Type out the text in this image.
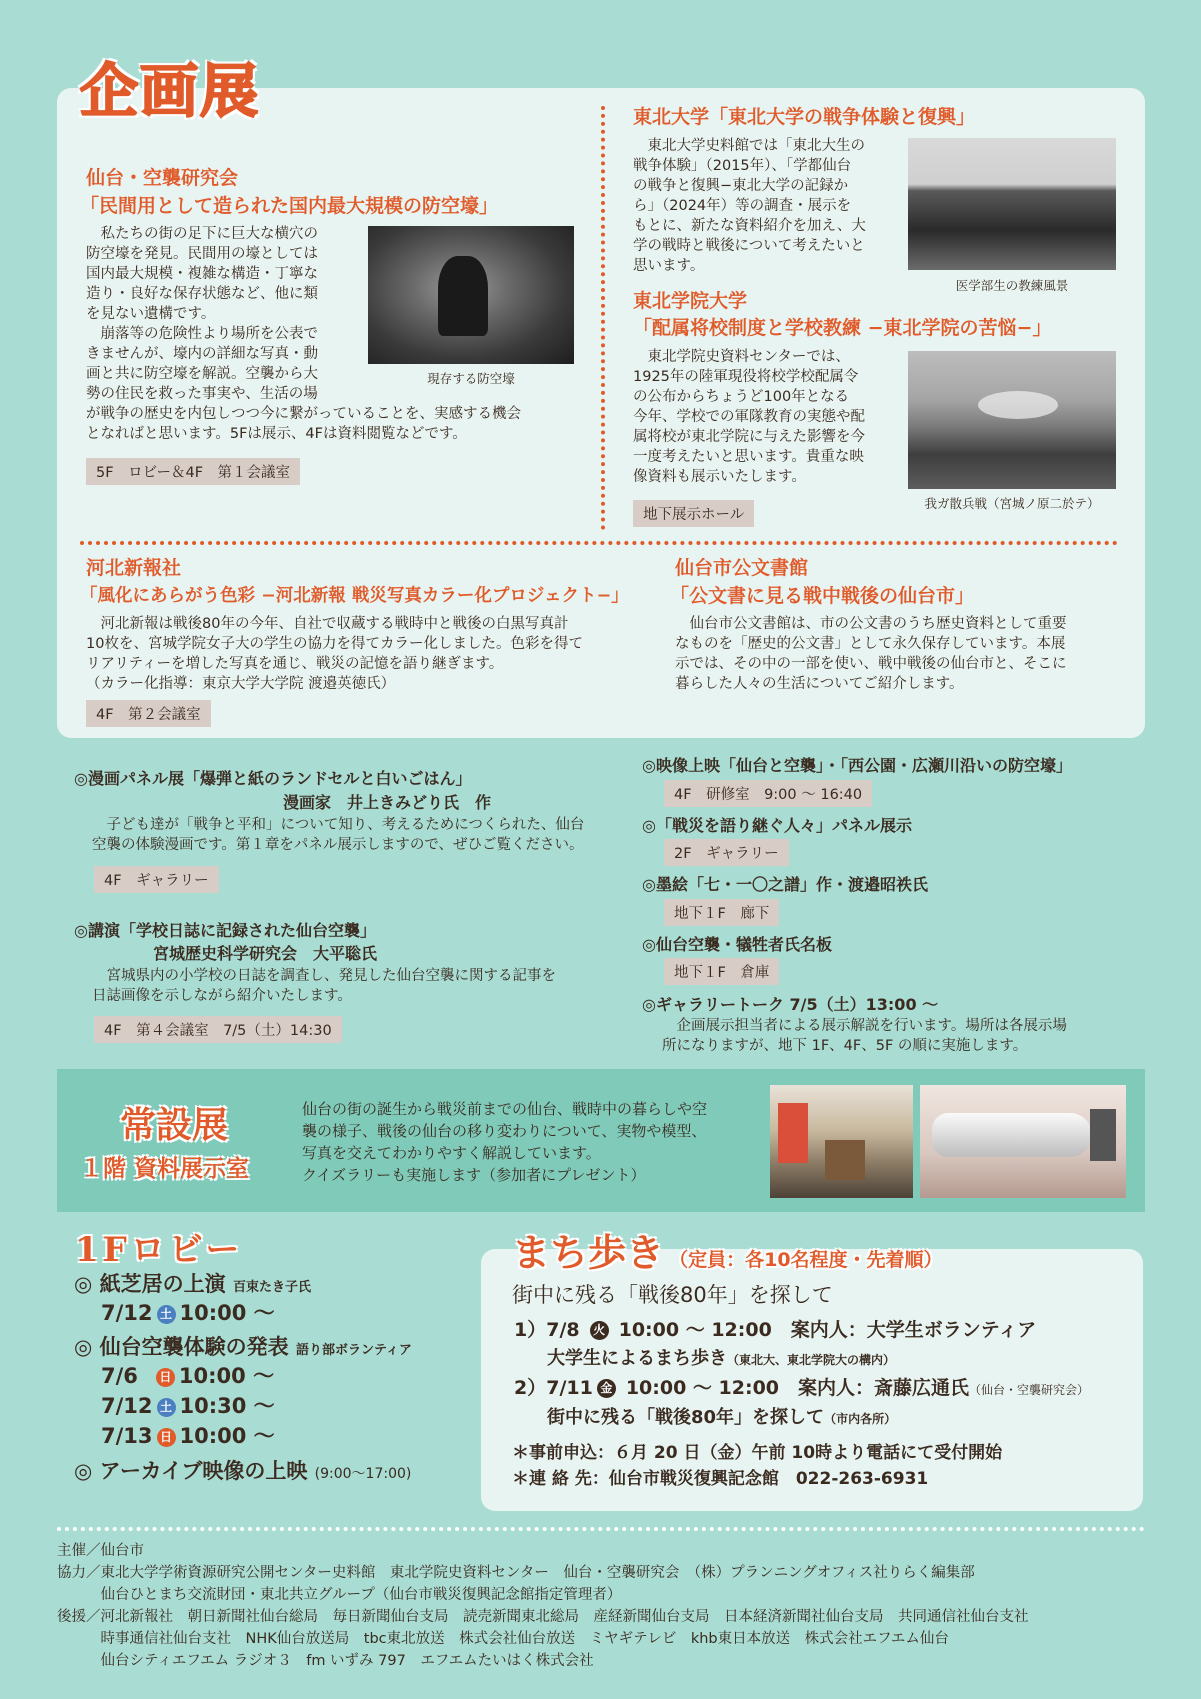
企画展
仙台・空襲研究会
「民間用として造られた国内最大規模の防空壕」
　私たちの街の足下に巨大な横穴の
防空壕を発見。民間用の壕としては
国内最大規模・複雑な構造・丁寧な
造り・良好な保存状態など、他に類
を見ない遺構です。
　崩落等の危険性より場所を公表で
きませんが、壕内の詳細な写真・動
画と共に防空壕を解説。空襲から大
勢の住民を救った事実や、生活の場
が戦争の歴史を内包しつつ今に繋がっていることを、実感する機会
となればと思います。5Fは展示、4Fは資料閲覧などです。
現存する防空壕
5F　ロビー＆4F　第１会議室
東北大学「東北大学の戦争体験と復興」
　東北大学史料館では「東北大生の
戦争体験」（2015年）、「学都仙台
の戦争と復興−東北大学の記録か
ら」（2024年）等の調査・展示を
もとに、新たな資料紹介を加え、大
学の戦時と戦後について考えたいと
思います。
医学部生の教練風景
東北学院大学
「配属将校制度と学校教練 −東北学院の苦悩−」
　東北学院史資料センターでは、
1925年の陸軍現役将校学校配属令
の公布からちょうど100年となる
今年、学校での軍隊教育の実態や配
属将校が東北学院に与えた影響を今
一度考えたいと思います。貴重な映
像資料も展示いたします。
我ガ散兵戦（宮城ノ原二於テ）
地下展示ホール
河北新報社
「風化にあらがう色彩 −河北新報 戦災写真カラー化プロジェクト−」
　河北新報は戦後80年の今年、自社で収蔵する戦時中と戦後の白黒写真計
10枚を、宮城学院女子大の学生の協力を得てカラー化しました。色彩を得て
リアリティーを増した写真を通じ、戦災の記憶を語り継ぎます。
（カラー化指導：東京大学大学院 渡邉英徳氏）
4F　第２会議室
仙台市公文書館
「公文書に見る戦中戦後の仙台市」
　仙台市公文書館は、市の公文書のうち歴史資料として重要
なものを「歴史的公文書」として永久保存しています。本展
示では、その中の一部を使い、戦中戦後の仙台市と、そこに
暮らした人々の生活についてご紹介します。
◎漫画パネル展「爆弾と紙のランドセルと白いごはん」
漫画家　井上きみどり氏　作
　子ども達が「戦争と平和」について知り、考えるためにつくられた、仙台
空襲の体験漫画です。第１章をパネル展示しますので、ぜひご覧ください。
4F　ギャラリー
◎講演「学校日誌に記録された仙台空襲」
宮城歴史科学研究会　大平聡氏
　宮城県内の小学校の日誌を調査し、発見した仙台空襲に関する記事を
日誌画像を示しながら紹介いたします。
4F　第４会議室　7/5（土）14:30
◎映像上映「仙台と空襲」・「西公園・広瀬川沿いの防空壕」
4F　研修室　9:00 ～ 16:40
◎「戦災を語り継ぐ人々」パネル展示
2F　ギャラリー
◎墨絵「七・一〇之譜」作・渡邉昭祑氏
地下１F　廊下
◎仙台空襲・犠牲者氏名板
地下１F　倉庫
◎ギャラリートーク 7/5（土）13:00 ～
　企画展示担当者による展示解説を行います。場所は各展示場
所になりますが、地下 1F、4F、5F の順に実施します。
常設展
１階 資料展示室
仙台の街の誕生から戦災前までの仙台、戦時中の暮らしや空
襲の様子、戦後の仙台の移り変わりについて、実物や模型、
写真を交えてわかりやすく解説しています。
クイズラリーも実施します（参加者にプレゼント）
1Fロビー
◎ 紙芝居の上演 百束たき子氏
7/12 土 10:00 ～
◎ 仙台空襲体験の発表 語り部ボランティア
7/6 日 10:00 ～
7/12 土 10:30 ～
7/13 日 10:00 ～
◎ アーカイブ映像の上映 (9:00～17:00)
まち歩き （定員：各10名程度・先着順）
街中に残る「戦後80年」を探して
1）7/8 火 10:00 ～ 12:00　案内人：大学生ボランティア
大学生によるまち歩き（東北大、東北学院大の構内）
2）7/11 金 10:00 ～ 12:00　案内人：斎藤広通氏（仙台・空襲研究会）
街中に残る「戦後80年」を探して（市内各所）
＊事前申込：６月 20 日（金）午前 10時より電話にて受付開始
＊連 絡 先：仙台市戦災復興記念館　022-263-6931
主催／仙台市
協力／東北大学学術資源研究公開センター史料館　東北学院史資料センター　仙台・空襲研究会　（株）プランニングオフィス社りらく編集部
　　　仙台ひとまち交流財団・東北共立グループ（仙台市戦災復興記念館指定管理者）
後援／河北新報社　朝日新聞社仙台総局　毎日新聞仙台支局　読売新聞東北総局　産経新聞仙台支局　日本経済新聞社仙台支局　共同通信社仙台支社
　　　時事通信社仙台支社　NHK仙台放送局　tbc東北放送　株式会社仙台放送　ミヤギテレビ　khb東日本放送　株式会社エフエム仙台
　　　仙台シティエフエム ラジオ３　fm いずみ 797　エフエムたいはく株式会社
